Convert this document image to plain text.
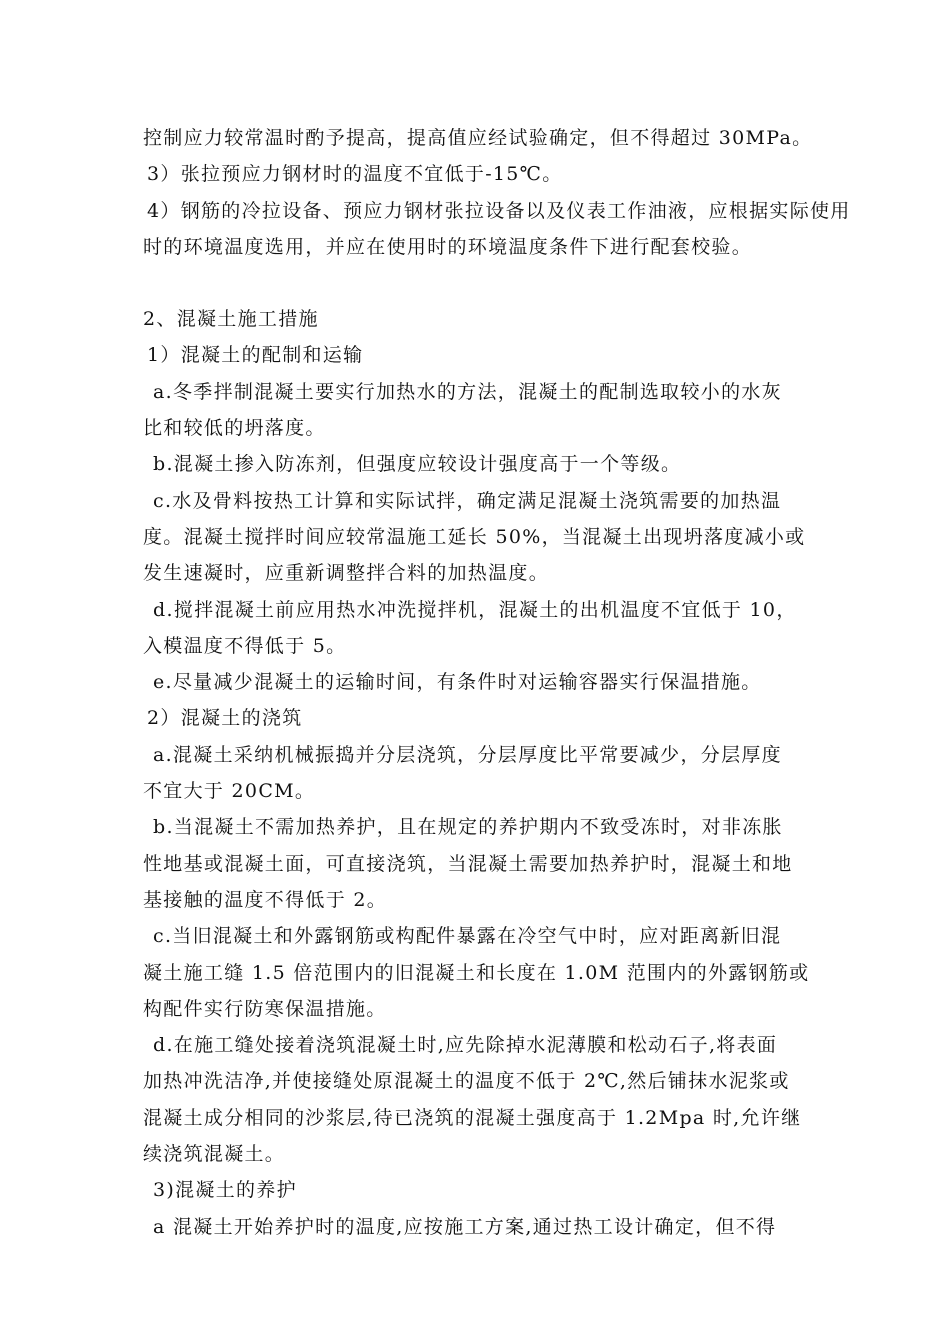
控制应力较常温时酌予提高，提高值应经试验确定，但不得超过 30MPa。
3）张拉预应力钢材时的温度不宜低于-15℃。
4）钢筋的冷拉设备、预应力钢材张拉设备以及仪表工作油液，应根据实际使用
时的环境温度选用，并应在使用时的环境温度条件下进行配套校验。
2、混凝土施工措施
1）混凝土的配制和运输
a.冬季拌制混凝土要实行加热水的方法，混凝土的配制选取较小的水灰
比和较低的坍落度。
b.混凝土掺入防冻剂，但强度应较设计强度高于一个等级。
c.水及骨料按热工计算和实际试拌，确定满足混凝土浇筑需要的加热温
度。混凝土搅拌时间应较常温施工延长 50%，当混凝土出现坍落度减小或
发生速凝时，应重新调整拌合料的加热温度。
d.搅拌混凝土前应用热水冲洗搅拌机，混凝土的出机温度不宜低于 10，
入模温度不得低于 5。
e.尽量减少混凝土的运输时间，有条件时对运输容器实行保温措施。
2）混凝土的浇筑
a.混凝土采纳机械振捣并分层浇筑，分层厚度比平常要减少，分层厚度
不宜大于 20CM。
b.当混凝土不需加热养护，且在规定的养护期内不致受冻时，对非冻胀
性地基或混凝土面，可直接浇筑，当混凝土需要加热养护时，混凝土和地
基接触的温度不得低于 2。
c.当旧混凝土和外露钢筋或构配件暴露在冷空气中时，应对距离新旧混
凝土施工缝 1.5 倍范围内的旧混凝土和长度在 1.0M 范围内的外露钢筋或
构配件实行防寒保温措施。
d.在施工缝处接着浇筑混凝土时,应先除掉水泥薄膜和松动石子,将表面
加热冲洗洁净,并使接缝处原混凝土的温度不低于 2℃,然后铺抹水泥浆或
混凝土成分相同的沙浆层,待已浇筑的混凝土强度高于 1.2Mpa 时,允许继
续浇筑混凝土。
3)混凝土的养护
a 混凝土开始养护时的温度,应按施工方案,通过热工设计确定，但不得
